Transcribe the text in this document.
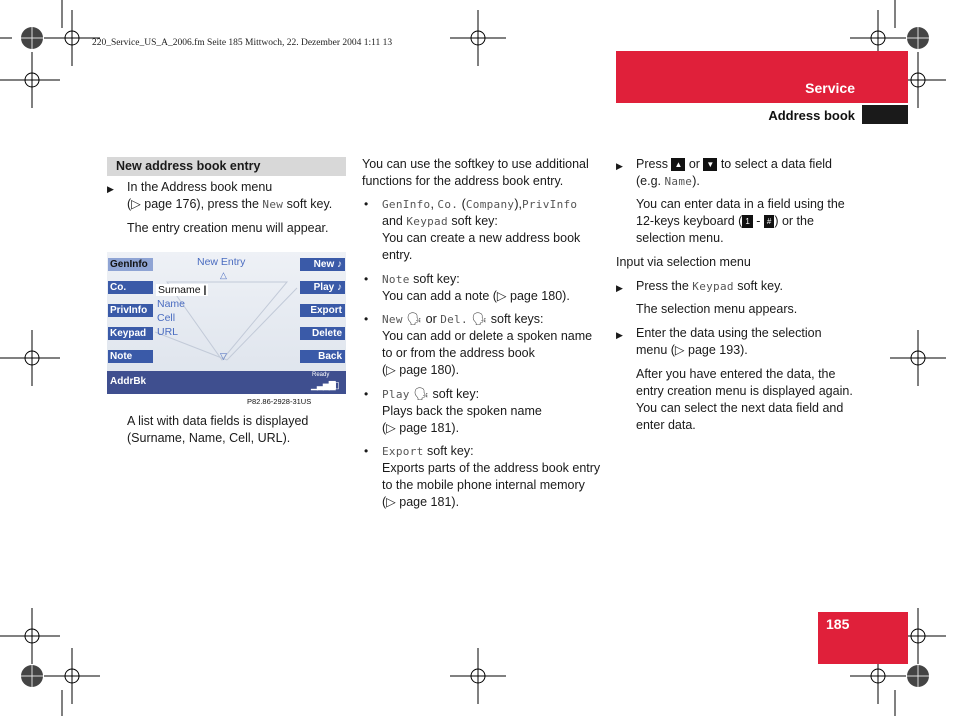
220_Service_US_A_2006.fm Seite 185 Mittwoch, 22. Dezember 2004 1:11 13
Service
Address book
185
New address book entry
▶ In the Address book menu
(▷ page 176), press the New soft key.
The entry creation menu will appear.
New Entry
△
▽
GenInfo
Co.
PrivInfo
Keypad
Note
New ♪
Play ♪
Export
Delete
Back
Surname |
Name
Cell
URL
AddrBk
Ready
▁▃▅▇▯
P82.86-2928-31US
A list with data fields is displayed
(Surname, Name, Cell, URL).
You can use the softkey to use additional
functions for the address book entry.
• GenInfo, Co. (Company),PrivInfo
and Keypad soft key:
You can create a new address book
entry.
• Note soft key:
You can add a note (▷ page 180).
• New 🗣 or Del. 🗣 soft keys:
You can add or delete a spoken name
to or from the address book
(▷ page 180).
• Play 🗣 soft key:
Plays back the spoken name
(▷ page 181).
• Export soft key:
Exports parts of the address book entry
to the mobile phone internal memory
(▷ page 181).
▶ Press ▲ or ▼ to select a data field
(e.g. Name).
You can enter data in a field using the
12-keys keyboard ( 1 - # ) or the
selection menu.
Input via selection menu
▶ Press the Keypad soft key.
The selection menu appears.
▶ Enter the data using the selection
menu (▷ page 193).
After you have entered the data, the
entry creation menu is displayed again.
You can select the next data field and
enter data.
